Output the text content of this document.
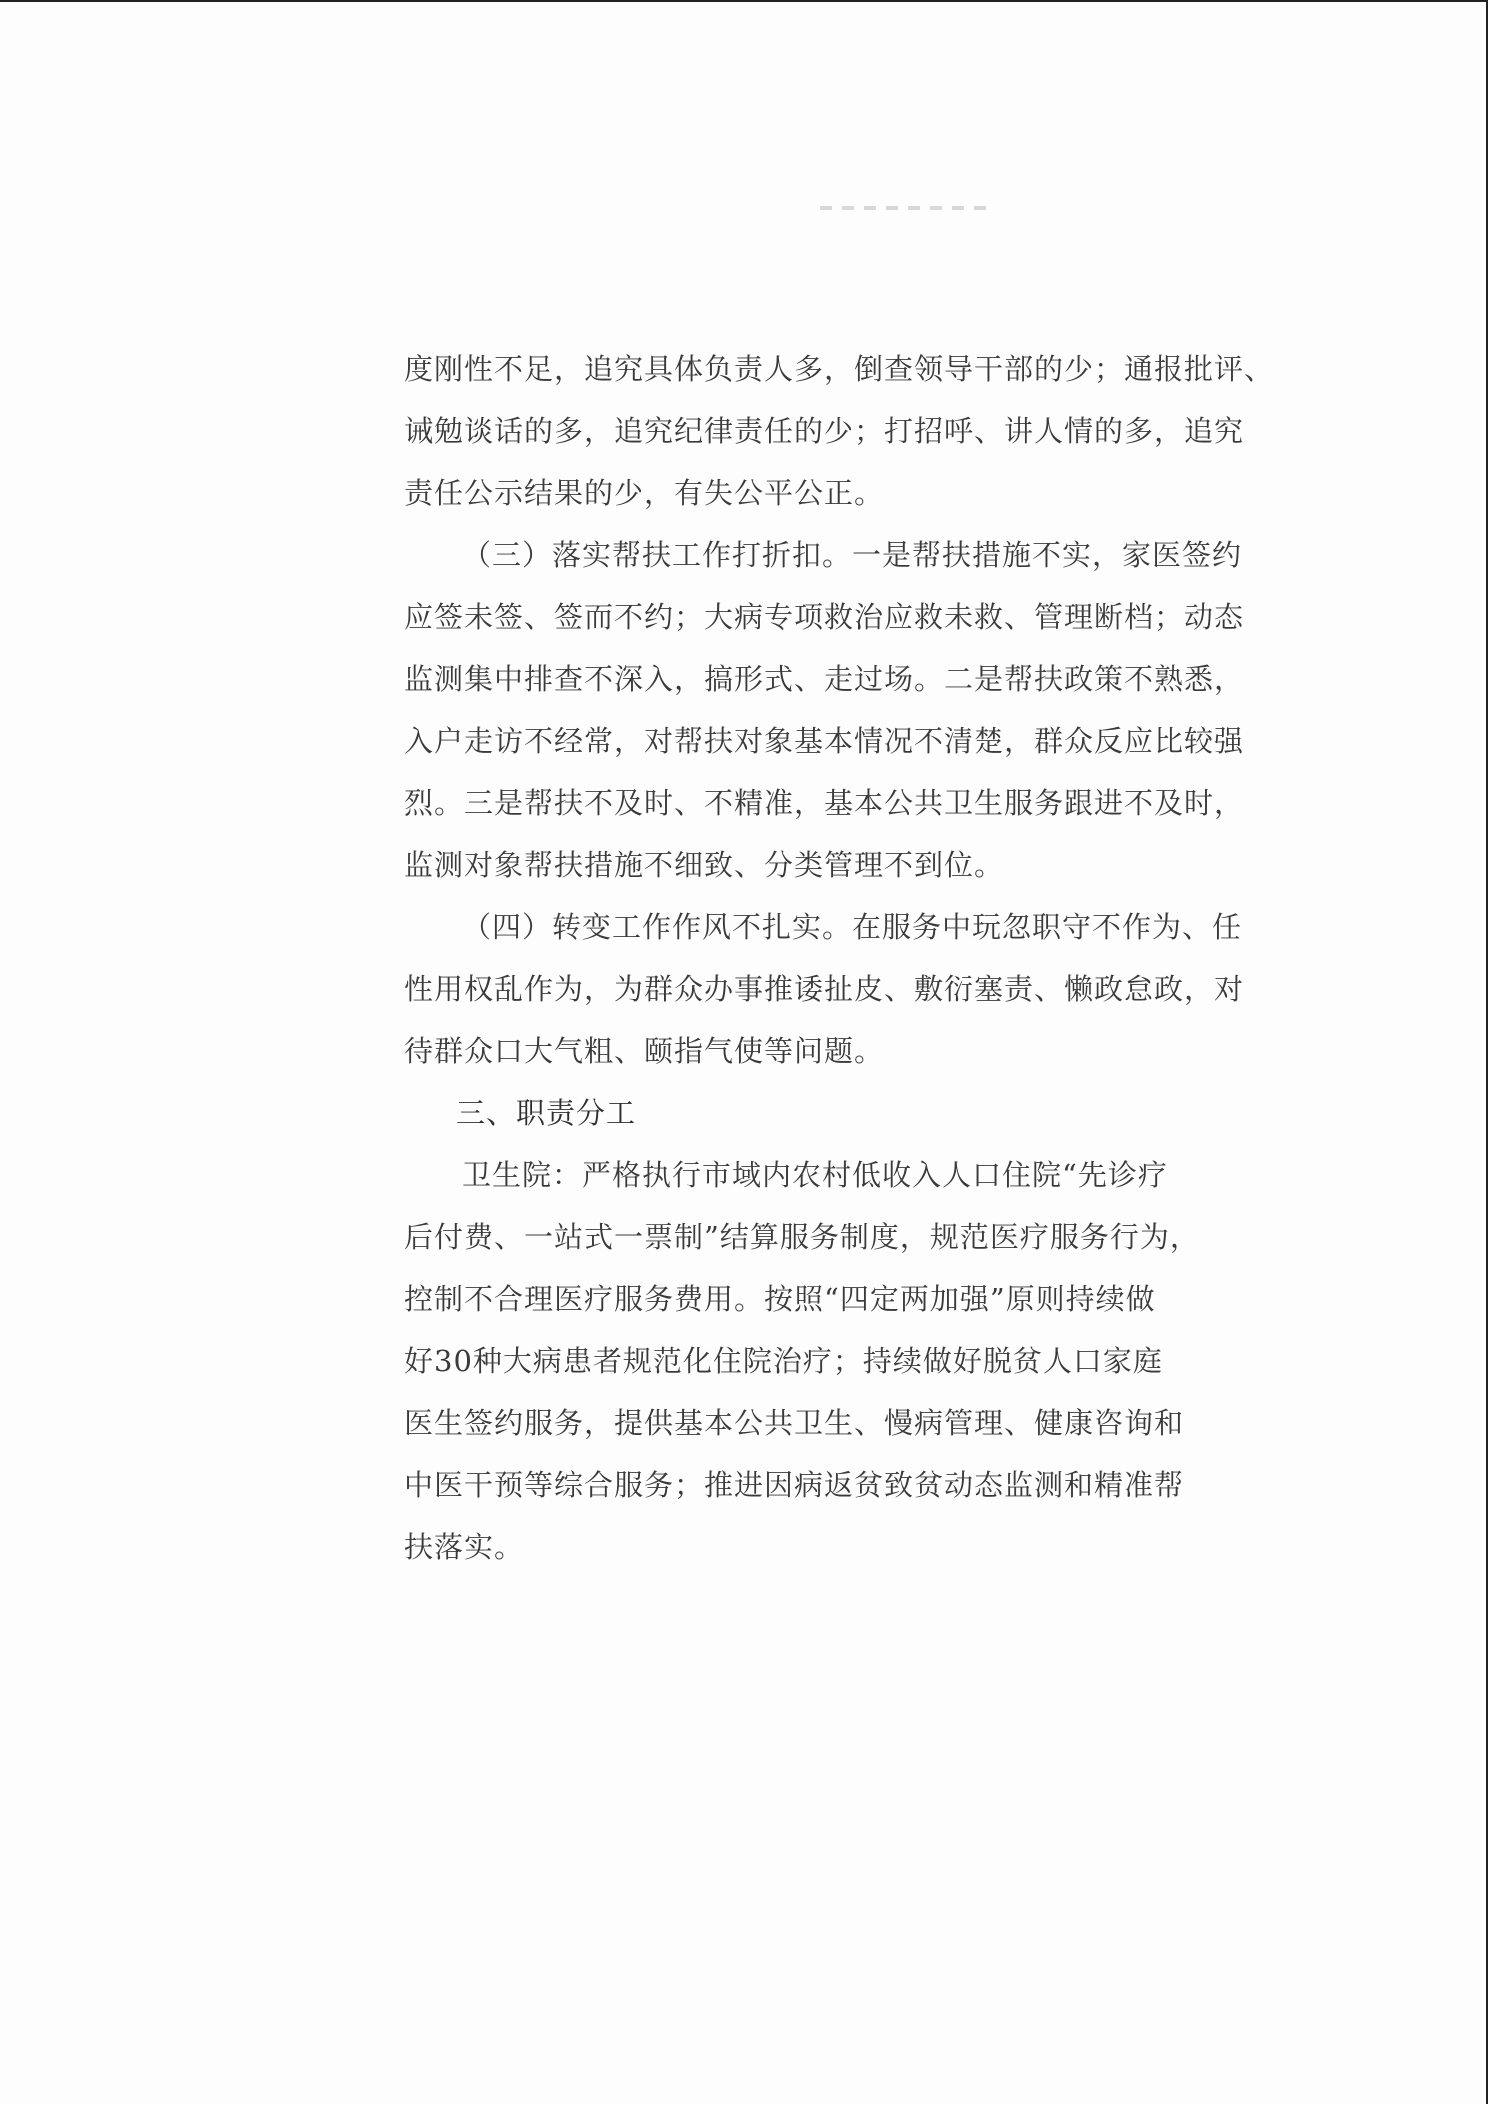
度刚性不足，追究具体负责人多，倒查领导干部的少；通报批评、
诫勉谈话的多，追究纪律责任的少；打招呼、讲人情的多，追究
责任公示结果的少，有失公平公正。
（三）落实帮扶工作打折扣。一是帮扶措施不实，家医签约
应签未签、签而不约；大病专项救治应救未救、管理断档；动态
监测集中排查不深入，搞形式、走过场。二是帮扶政策不熟悉，
入户走访不经常，对帮扶对象基本情况不清楚，群众反应比较强
烈。三是帮扶不及时、不精准，基本公共卫生服务跟进不及时，
监测对象帮扶措施不细致、分类管理不到位。
（四）转变工作作风不扎实。在服务中玩忽职守不作为、任
性用权乱作为，为群众办事推诿扯皮、敷衍塞责、懒政怠政，对
待群众口大气粗、颐指气使等问题。
三、职责分工
卫生院：严格执行市域内农村低收入人口住院“先诊疗
后付费、一站式一票制”结算服务制度，规范医疗服务行为，
控制不合理医疗服务费用。按照“四定两加强”原则持续做
好30种大病患者规范化住院治疗；持续做好脱贫人口家庭
医生签约服务，提供基本公共卫生、慢病管理、健康咨询和
中医干预等综合服务；推进因病返贫致贫动态监测和精准帮
扶落实。
